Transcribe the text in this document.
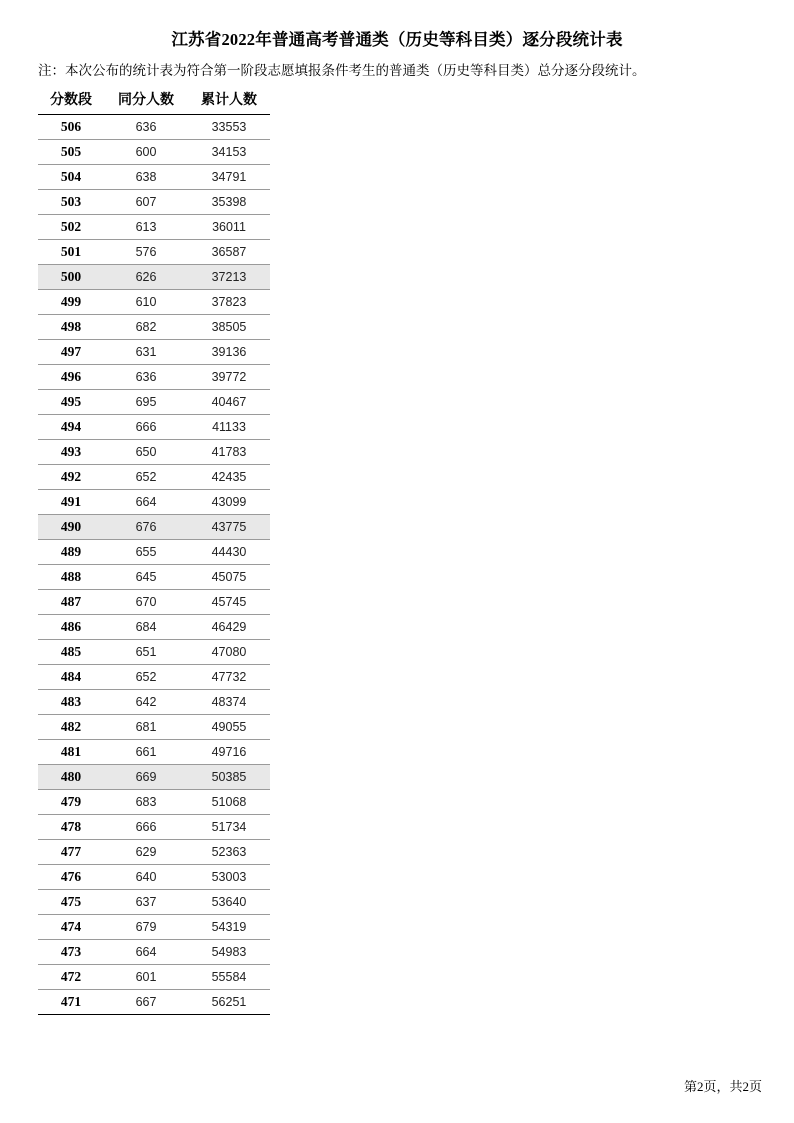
江苏省2022年普通高考普通类（历史等科目类）逐分段统计表

注：本次公布的统计表为符合第一阶段志愿填报条件考生的普通类（历史等科目类）总分逐分段统计。

分数段	同分人数	累计人数
506	636	33553
505	600	34153
504	638	34791
503	607	35398
502	613	36011
501	576	36587
500	626	37213
499	610	37823
498	682	38505
497	631	39136
496	636	39772
495	695	40467
494	666	41133
493	650	41783
492	652	42435
491	664	43099
490	676	43775
489	655	44430
488	645	45075
487	670	45745
486	684	46429
485	651	47080
484	652	47732
483	642	48374
482	681	49055
481	661	49716
480	669	50385
479	683	51068
478	666	51734
477	629	52363
476	640	53003
475	637	53640
474	679	54319
473	664	54983
472	601	55584
471	667	56251
第2页，共2页
